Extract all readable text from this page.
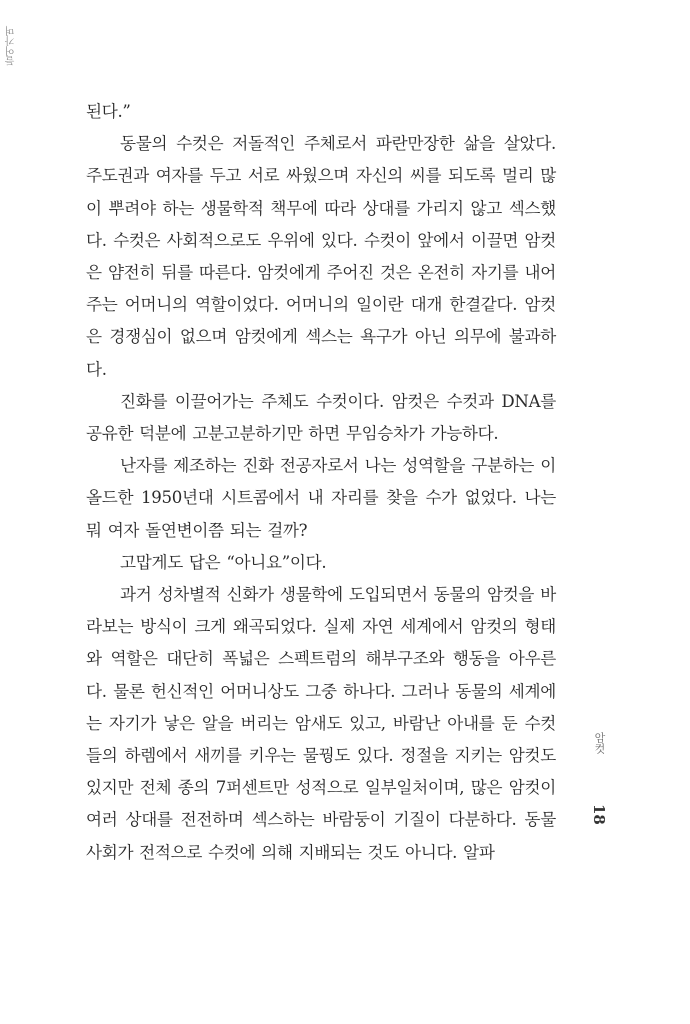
들어가며
암컷
18

된다.”

동물의 수컷은 저돌적인 주체로서 파란만장한 삶을 살았다. 주도권과 여자를 두고 서로 싸웠으며 자신의 씨를 되도록 멀리 많이 뿌려야 하는 생물학적 책무에 따라 상대를 가리지 않고 섹스했다. 수컷은 사회적으로도 우위에 있다. 수컷이 앞에서 이끌면 암컷은 얌전히 뒤를 따른다. 암컷에게 주어진 것은 온전히 자기를 내어주는 어머니의 역할이었다. 어머니의 일이란 대개 한결같다. 암컷은 경쟁심이 없으며 암컷에게 섹스는 욕구가 아닌 의무에 불과하다.

진화를 이끌어가는 주체도 수컷이다. 암컷은 수컷과 DNA를 공유한 덕분에 고분고분하기만 하면 무임승차가 가능하다.

난자를 제조하는 진화 전공자로서 나는 성역할을 구분하는 이 올드한 1950년대 시트콤에서 내 자리를 찾을 수가 없었다. 나는 뭐 여자 돌연변이쯤 되는 걸까?

고맙게도 답은 “아니요”이다.

과거 성차별적 신화가 생물학에 도입되면서 동물의 암컷을 바라보는 방식이 크게 왜곡되었다. 실제 자연 세계에서 암컷의 형태와 역할은 대단히 폭넓은 스펙트럼의 해부구조와 행동을 아우른다. 물론 헌신적인 어머니상도 그중 하나다. 그러나 동물의 세계에는 자기가 낳은 알을 버리는 암새도 있고, 바람난 아내를 둔 수컷들의 하렘에서 새끼를 키우는 물꿩도 있다. 정절을 지키는 암컷도 있지만 전체 종의 7퍼센트만 성적으로 일부일처이며, 많은 암컷이 여러 상대를 전전하며 섹스하는 바람둥이 기질이 다분하다. 동물 사회가 전적으로 수컷에 의해 지배되는 것도 아니다. 알파
